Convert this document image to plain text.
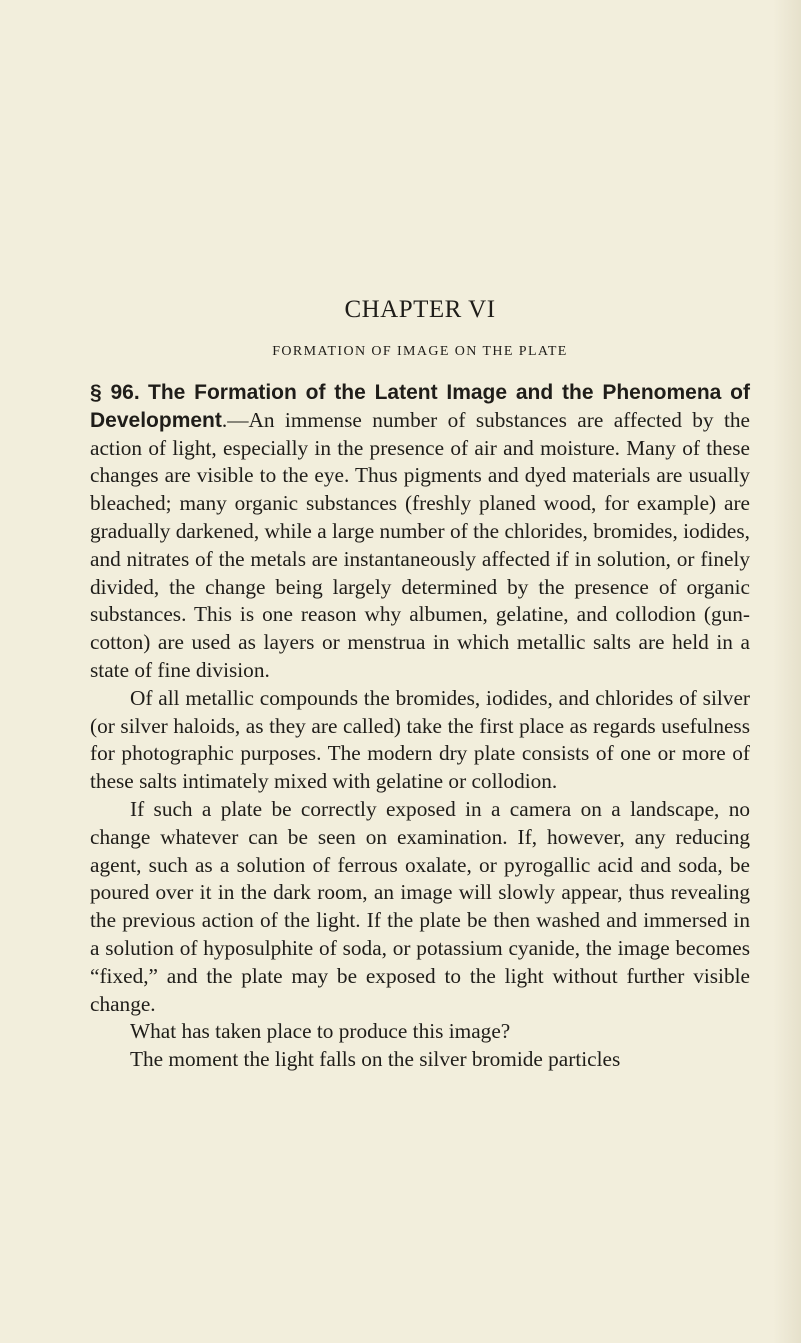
CHAPTER VI
FORMATION OF IMAGE ON THE PLATE

§ 96. The Formation of the Latent Image and the Phenomena of Development.—An immense number of substances are affected by the action of light, especially in the presence of air and moisture. Many of these changes are visible to the eye. Thus pigments and dyed materials are usually bleached; many organic substances (freshly planed wood, for example) are gradually darkened, while a large number of the chlorides, bromides, iodides, and nitrates of the metals are instantaneously affected if in solution, or finely divided, the change being largely determined by the presence of organic substances. This is one reason why albumen, gelatine, and collodion (gun-cotton) are used as layers or menstrua in which metallic salts are held in a state of fine division.

Of all metallic compounds the bromides, iodides, and chlorides of silver (or silver haloids, as they are called) take the first place as regards usefulness for photographic purposes. The modern dry plate consists of one or more of these salts intimately mixed with gelatine or collodion.

If such a plate be correctly exposed in a camera on a landscape, no change whatever can be seen on examination. If, however, any reducing agent, such as a solution of ferrous oxalate, or pyrogallic acid and soda, be poured over it in the dark room, an image will slowly appear, thus revealing the previous action of the light. If the plate be then washed and immersed in a solution of hyposulphite of soda, or potassium cyanide, the image becomes “fixed,” and the plate may be exposed to the light without further visible change.

What has taken place to produce this image?

The moment the light falls on the silver bromide particles
